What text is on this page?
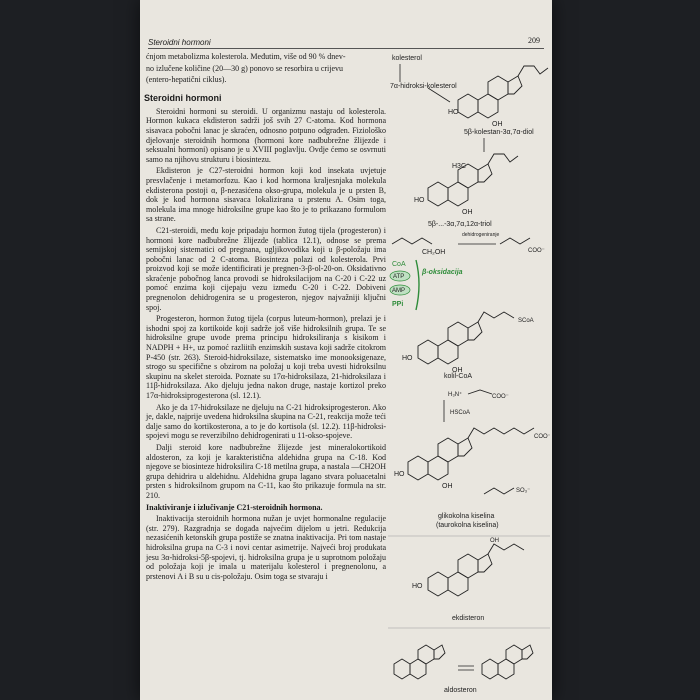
Steroidni hormoni	209

ćnjom metabolizma kolesterola. Međutim, više od 90 % dnev-

no izlučene količine (20—30 g) ponovo se resorbira u crijevu

(entero-hepatični ciklus).

Steroidni hormoni

Steroidni hormoni su steroidi. U organizmu nastaju od kolesterola. Hormon kukaca ekdisteron sadrži još svih 27 C-atoma. Kod hormona sisavaca pobočni lanac je skraćen, odnosno potpuno odgrađen. Fiziološko djelovanje steroidnih hormona (hormoni kore nadbubrežne žlijezde i seksualni hormoni) opisano je u XVIII poglavlju. Ovdje ćemo se osvrnuti samo na njihovu strukturu i biosintezu.

Ekdisteron je C27-steroidni hormon koji kod insekata uvjetuje presvlačenje i metamorfozu. Kao i kod hormona kraljesnjaka molekula ekdisterona postoji α, β-nezasićena okso-grupa, molekula je u prsten B, dok je kod hormona sisavaca lokalizirana u prstenu A. Osim toga, molekula ima mnoge hidroksilne grupe kao što je to prikazano formulom sa strane.

C21-steroidi, među koje pripadaju hormon žutog tijela (progesteron) i hormoni kore nadbubrežne žlijezde (tablica 12.1), odnose se prema semijskoj sistematici od pregnana, ugljikovodika koji u β-položaju ima pobočni lanac od 2 C-atoma. Biosinteza polazi od kolesterola. Prvi proizvod koji se može identificirati je pregnen-3-β-ol-20-on. Oksidativno skraćenje pobočnog lanca provodi se hidroksilacijom na C-20 i C-22 uz pomoć enzima koji cijepaju vezu između C-20 i C-22. Dobiveni pregnenolon dehidrogenira se u progesteron, njegov najvažniji ključni spoj.

Progesteron, hormon žutog tijela (corpus luteum-hormon), prelazi je i ishodni spoj za kortikoide koji sadrže još više hidroksilnih grupa. Te se hidroksilne grupe uvode prema principu hidroksiliranja s kisikom i NADPH + H+, uz pomoć razliitih enzimskih sustava koji sadrže citokrom P-450 (str. 263). Steroid-hidroksilaze, sistematsko ime monooksigenaze, strogo su specifične s obzirom na položaj u koji treba uvesti hidroksilnu skupinu na skelet steroida. Poznate su 17α-hidroksilaza, 21-hidroksilaza i 11β-hidroksilaza. Ako djeluju jedna nakon druge, nastaje kortizol preko 17α-hidroksiprogesterona (sl. 12.1).

Ako je da 17-hidroksilaze ne djeluju na C-21 hidroksiprogesteron. Ako je, dakle, najprije uvedena hidroksilna skupina na C-21, reakcija može teći dalje samo do kortikosterona, a to je do kortisola (sl. 12.2). 11β-hidroksi-spojevi mogu se reverzibilno dehidrogenirati u 11-okso-spojeve.

Dalji steroid kore nadbubrežne žlijezde jest mineralokortikoid aldosteron, za koji je karakteristična aldehidna grupa na C-18. Kod njegove se biosinteze hidroksilira C-18 metilna grupa, a nastala —CH2OH grupa dehidrira u aldehidnu. Aldehidna grupa lagano stvara poluacetalni prsten s hidroksilnom grupom na C-11, kao što prikazuje formula na str. 210.

Inaktiviranje i izlučivanje C21-steroidnih hormona.

Inaktivacija steroidnih hormona nužan je uvjet hormonalne regulacije (str. 279). Razgradnja se događa najvećim dijelom u jetri. Redukcija nezasićenih ketonskih grupa postiže se znatna inaktivacija. Pri tom nastaje hidroksilna grupa na C-3 i novi centar asimetrije. Najveći broj produkata jesu 3α-hidroksi-5β-spojevi, tj. hidroksilna grupa je u suprotnom položaju od položaja koji je imala u materijalu kolesterol i pregnenolonu, a prstenovi A i B su u cis-položaju. Osim toga se stvaraju i

kolesterol
7α-hidroksi-kolesterol
HO
OH
5β-kolestan-3α,7α-diol
H3C
HO
OH
5β-...-3α,7α,12α-triol
CH₂OH
dehidrogeniranje
COO⁻
CoA
ATP
AMP
PPi
β-oksidacija
HO
OH
SCoA
kolil-CoA
H₃N⁺	COO⁻
HSCoA
HO
OH
COO⁻
SO₃⁻
glikokolna kiselina
(taurokolna kiselina)
HO
OH
ekdisteron
aldosteron
